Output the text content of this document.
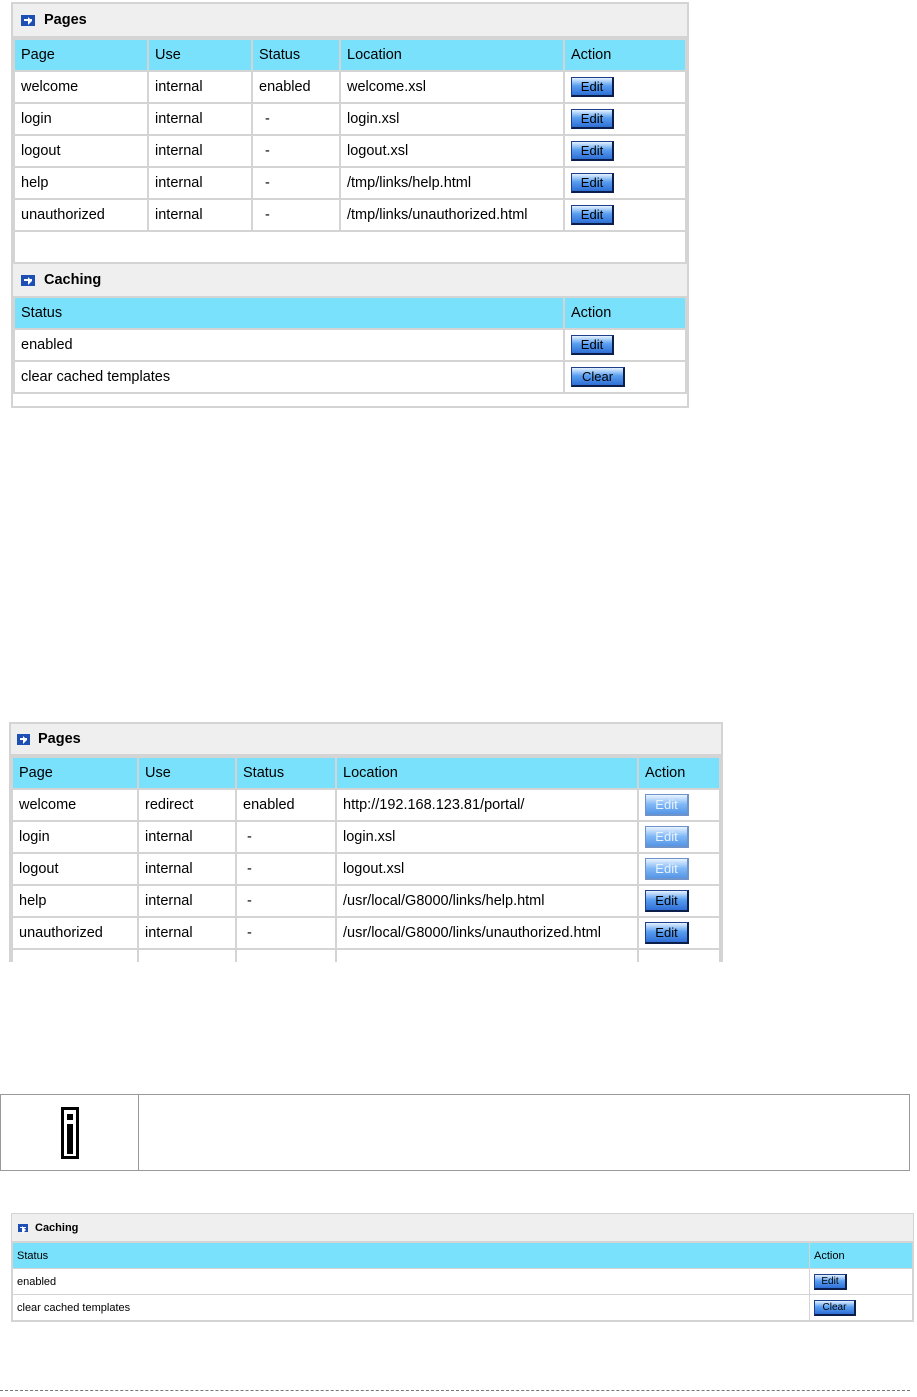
Pages
Page	Use	Status	Location	Action
welcome	internal	enabled	welcome.xsl	Edit
login	internal	-	login.xsl	Edit
logout	internal	-	logout.xsl	Edit
help	internal	-	/tmp/links/help.html	Edit
unauthorized	internal	-	/tmp/links/unauthorized.html	Edit

Caching
Status	Action
enabled	Edit
clear cached templates	Clear
Pages
Page	Use	Status	Location	Action
welcome	redirect	enabled	http://192.168.123.81/portal/	Edit
login	internal	-	login.xsl	Edit
logout	internal	-	logout.xsl	Edit
help	internal	-	/usr/local/G8000/links/help.html	Edit
unauthorized	internal	-	/usr/local/G8000/links/unauthorized.html	Edit

Caching
Status	Action
enabled	Edit
clear cached templates	Clear
